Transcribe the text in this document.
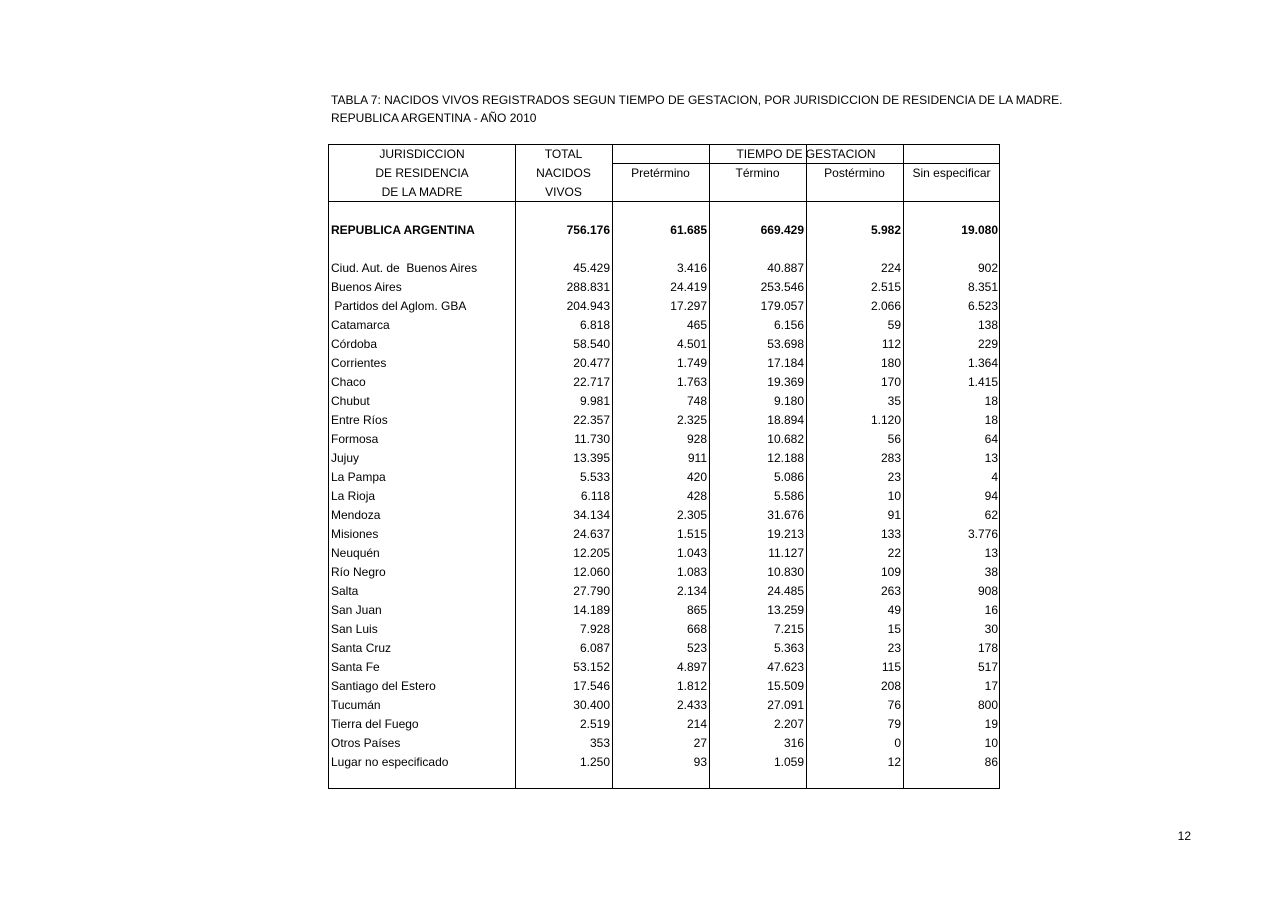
TABLA 7: NACIDOS VIVOS REGISTRADOS SEGUN TIEMPO DE GESTACION, POR JURISDICCION DE RESIDENCIA DE LA MADRE.
REPUBLICA ARGENTINA - AÑO 2010
JURISDICCION
DE RESIDENCIA
DE LA MADRE
TOTAL
NACIDOS
VIVOS
TIEMPO DE GESTACION
Pretérmino	Término	Postérmino	Sin especificar
REPUBLICA ARGENTINA	756.176	61.685	669.429	5.982	19.080
Ciud. Aut. de  Buenos Aires	45.429	3.416	40.887	224	902
Buenos Aires	288.831	24.419	253.546	2.515	8.351
Partidos del Aglom. GBA	204.943	17.297	179.057	2.066	6.523
Catamarca	6.818	465	6.156	59	138
Córdoba	58.540	4.501	53.698	112	229
Corrientes	20.477	1.749	17.184	180	1.364
Chaco	22.717	1.763	19.369	170	1.415
Chubut	9.981	748	9.180	35	18
Entre Ríos	22.357	2.325	18.894	1.120	18
Formosa	11.730	928	10.682	56	64
Jujuy	13.395	911	12.188	283	13
La Pampa	5.533	420	5.086	23	4
La Rioja	6.118	428	5.586	10	94
Mendoza	34.134	2.305	31.676	91	62
Misiones	24.637	1.515	19.213	133	3.776
Neuquén	12.205	1.043	11.127	22	13
Río Negro	12.060	1.083	10.830	109	38
Salta	27.790	2.134	24.485	263	908
San Juan	14.189	865	13.259	49	16
San Luis	7.928	668	7.215	15	30
Santa Cruz	6.087	523	5.363	23	178
Santa Fe	53.152	4.897	47.623	115	517
Santiago del Estero	17.546	1.812	15.509	208	17
Tucumán	30.400	2.433	27.091	76	800
Tierra del Fuego	2.519	214	2.207	79	19
Otros Países	353	27	316	0	10
Lugar no especificado	1.250	93	1.059	12	86
12
